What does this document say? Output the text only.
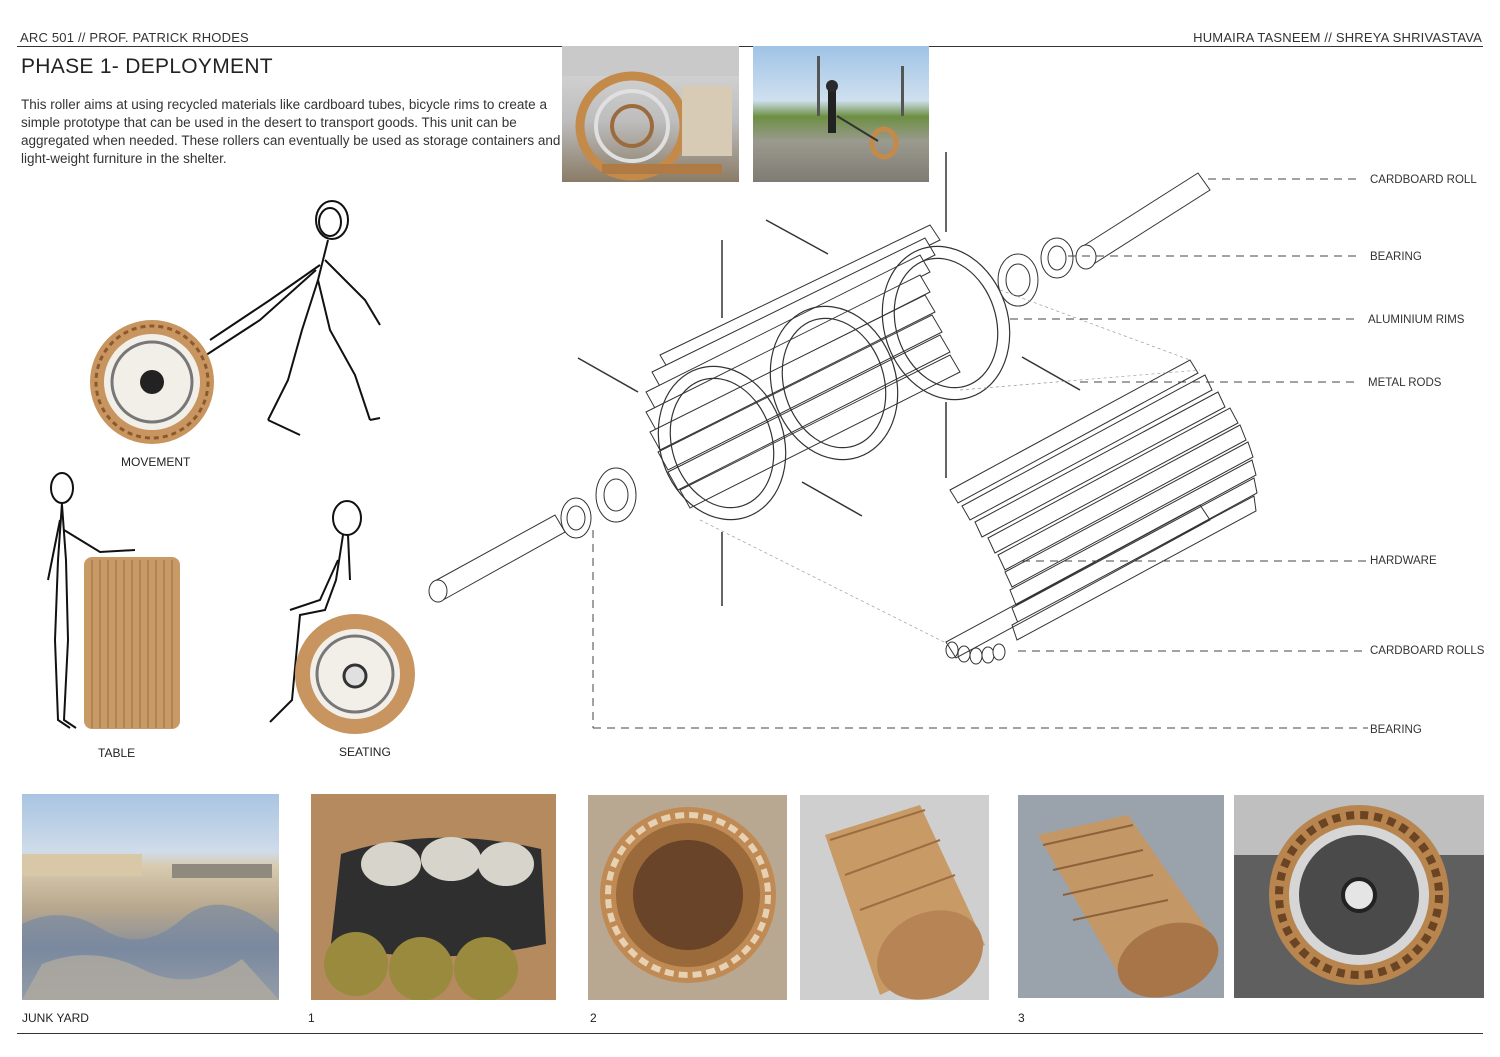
ARC 501 // PROF. PATRICK RHODES	HUMAIRA TASNEEM // SHREYA SHRIVASTAVA
PHASE 1- DEPLOYMENT
This roller aims at using recycled materials like cardboard tubes, bicycle rims to create a simple prototype that can be used in the desert to transport goods. This unit can be aggregated when needed. These rollers can eventually be used as storage containers and light-weight furniture in the shelter.
MOVEMENT
TABLE	SEATING
CARDBOARD ROLL
BEARING
ALUMINIUM RIMS
METAL RODS
HARDWARE
CARDBOARD ROLLS
BEARING
JUNK YARD	1	2	3
